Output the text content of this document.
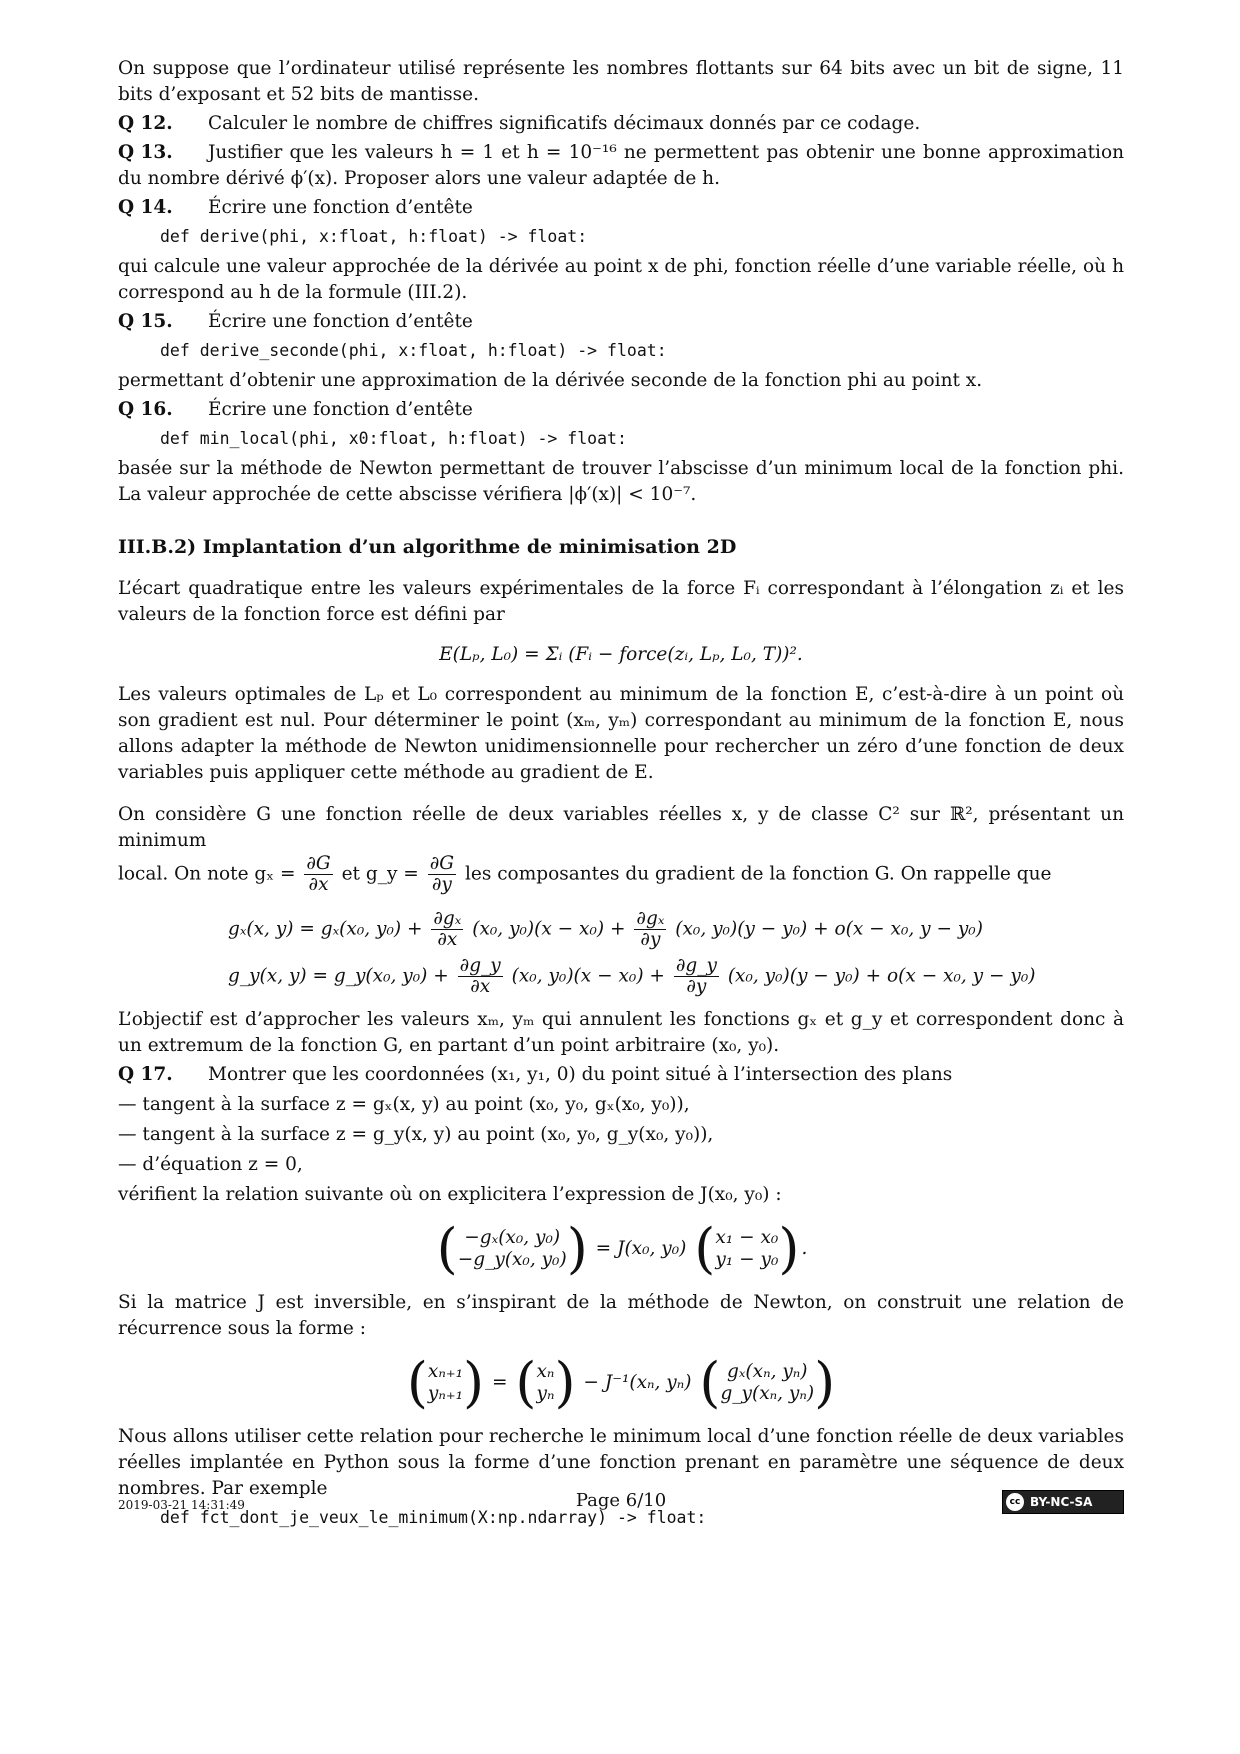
On suppose que l’ordinateur utilisé représente les nombres flottants sur 64 bits avec un bit de signe, 11 bits d’exposant et 52 bits de mantisse.

Q 12. Calculer le nombre de chiffres significatifs décimaux donnés par ce codage.

Q 13. Justifier que les valeurs h = 1 et h = 10⁻¹⁶ ne permettent pas obtenir une bonne approximation du nombre dérivé ϕ′(x). Proposer alors une valeur adaptée de h.

Q 14. Écrire une fonction d’entête

def derive(phi, x:float, h:float) -> float:

qui calcule une valeur approchée de la dérivée au point x de phi, fonction réelle d’une variable réelle, où h correspond au h de la formule (III.2).

Q 15. Écrire une fonction d’entête

def derive_seconde(phi, x:float, h:float) -> float:

permettant d’obtenir une approximation de la dérivée seconde de la fonction phi au point x.

Q 16. Écrire une fonction d’entête

def min_local(phi, x0:float, h:float) -> float:

basée sur la méthode de Newton permettant de trouver l’abscisse d’un minimum local de la fonction phi. La valeur approchée de cette abscisse vérifiera |ϕ′(x)| < 10⁻⁷.

III.B.2) Implantation d’un algorithme de minimisation 2D

L’écart quadratique entre les valeurs expérimentales de la force Fᵢ correspondant à l’élongation zᵢ et les valeurs de la fonction force est défini par

E(Lₚ, L₀) = Σᵢ (Fᵢ − force(zᵢ, Lₚ, L₀, T))².

Les valeurs optimales de Lₚ et L₀ correspondent au minimum de la fonction E, c’est-à-dire à un point où son gradient est nul. Pour déterminer le point (xₘ, yₘ) correspondant au minimum de la fonction E, nous allons adapter la méthode de Newton unidimensionnelle pour rechercher un zéro d’une fonction de deux variables puis appliquer cette méthode au gradient de E.

On considère G une fonction réelle de deux variables réelles x, y de classe C² sur ℝ², présentant un minimum

local. On note $g_x = \frac{\partial G}{\partial x}$ et g_y = $\frac{\partial G}{\partial y}$ les composantes du gradient de la fonction G. On rappelle que

gₓ(x, y) = gₓ(x₀, $y_0) + \frac{\text{∂gₓ}}{\partial x} (x_0$, $y_0)(x - x_0) + \frac{\text{∂gₓ}}{\partial y} (x_0$, y₀)(y − y₀) + o(x − x₀, y − y₀)
g_y(x, y) = g_y(x₀, $y_0) + \frac{\partial g\_y}{\partial x} (x_0$, $y_0)(x - x_0) + \frac{\partial g\_y}{\partial y} (x_0$, y₀)(y − y₀) + o(x − x₀, y − y₀)

L’objectif est d’approcher les valeurs xₘ, yₘ qui annulent les fonctions gₓ et g_y et correspondent donc à un extremum de la fonction G, en partant d’un point arbitraire (x₀, y₀).

Q 17. Montrer que les coordonnées (x₁, y₁, 0) du point situé à l’intersection des plans

— tangent à la surface z = gₓ(x, y) au point (x₀, y₀, gₓ(x₀, y₀)),
— tangent à la surface z = g_y(x, y) au point (x₀, y₀, g_y(x₀, y₀)),
— d’équation z = 0,

vérifient la relation suivante où on explicitera l’expression de J(x₀, y₀) :

( −gₓ(x₀, y₀)
−g_y(x₀, y₀) ) = J(x₀, y₀) ( x₁ − x₀
y₁ − y₀ ) .

Si la matrice J est inversible, en s’inspirant de la méthode de Newton, on construit une relation de récurrence sous la forme :

( xₙ₊₁
yₙ₊₁ ) = ( xₙ
yₙ ) − J⁻¹(xₙ, yₙ) ( gₓ(xₙ, yₙ)
g_y(xₙ, yₙ) )

Nous allons utiliser cette relation pour recherche le minimum local d’une fonction réelle de deux variables réelles implantée en Python sous la forme d’une fonction prenant en paramètre une séquence de deux nombres. Par exemple

def fct_dont_je_veux_le_minimum(X:np.ndarray) -> float:
2019-03-21 14:31:49	Page 6/10	cc BY-NC-SA
